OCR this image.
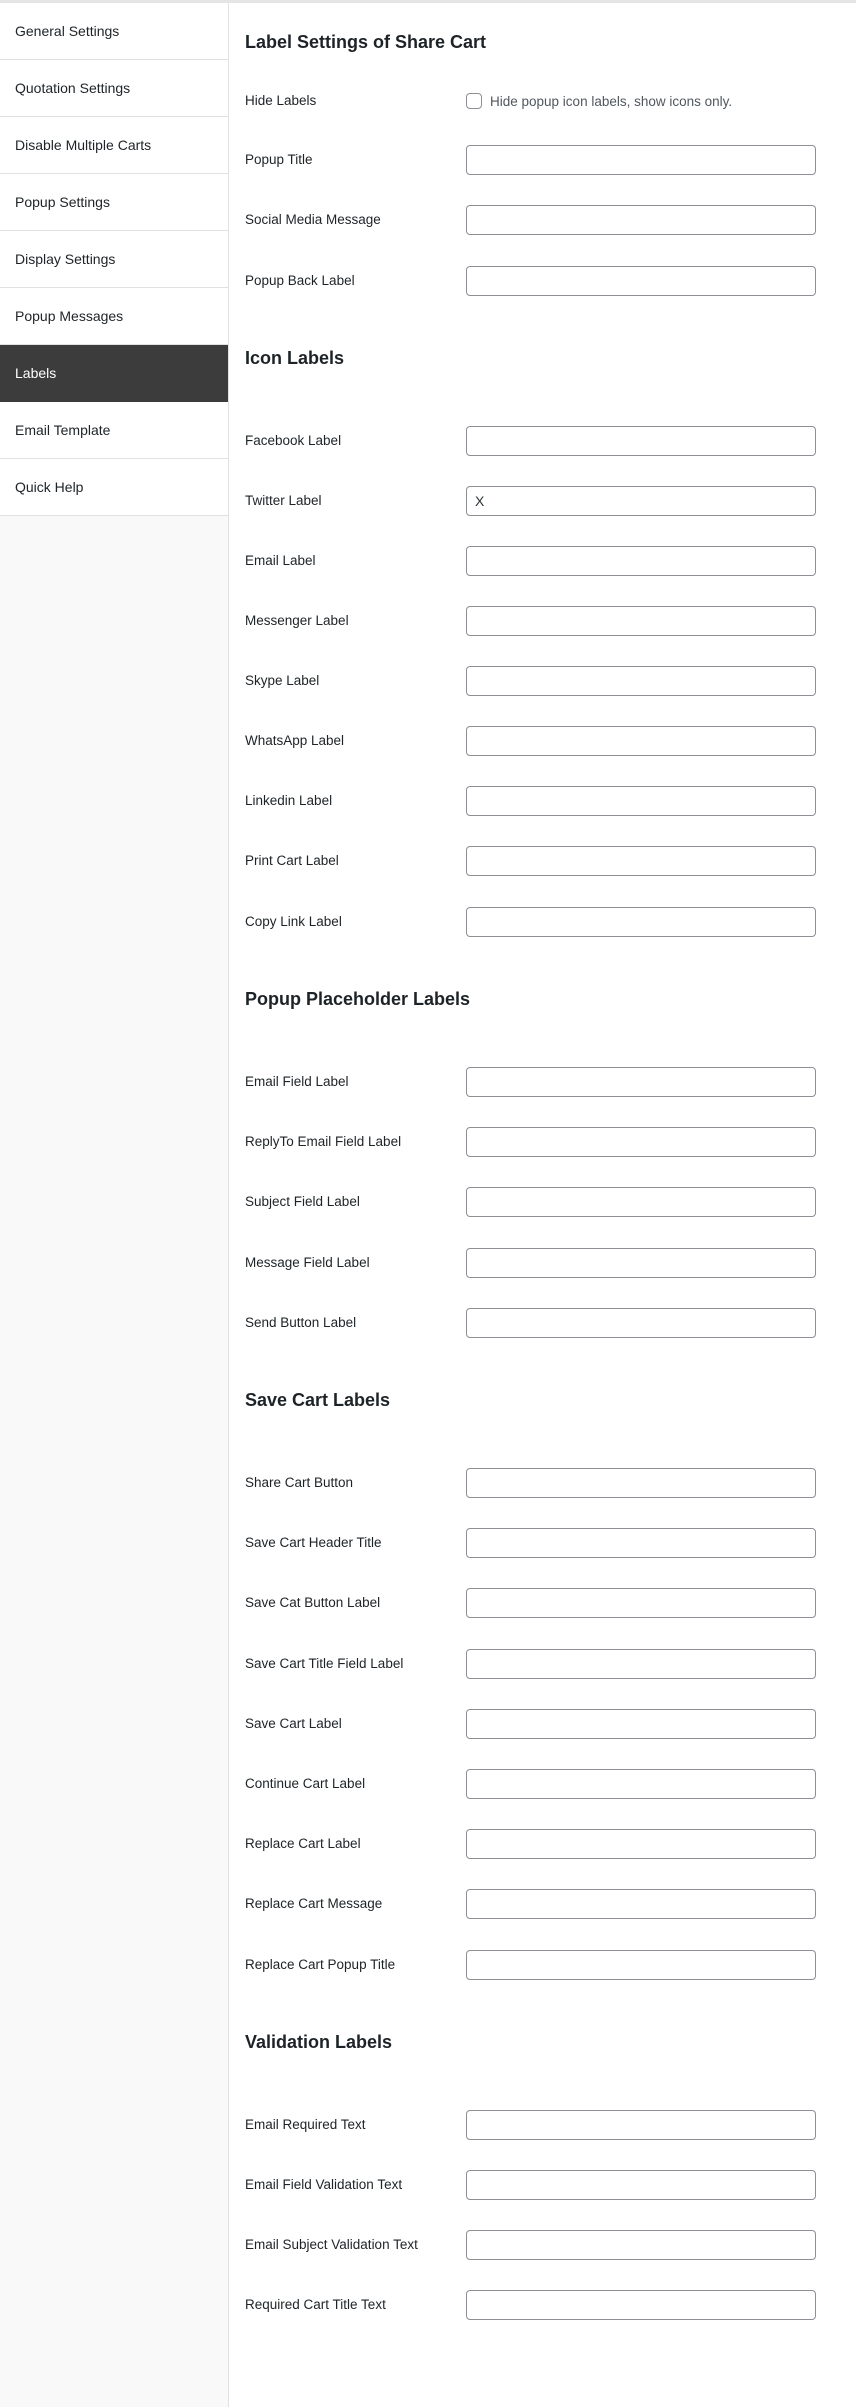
General Settings
Quotation Settings
Disable Multiple Carts
Popup Settings
Display Settings
Popup Messages
Labels
Email Template
Quick Help
Label Settings of Share Cart
Hide Labels	Hide popup icon labels, show icons only.
Popup Title
Social Media Message
Popup Back Label
Icon Labels
Facebook Label
Twitter Label
X
Email Label
Messenger Label
Skype Label
WhatsApp Label
Linkedin Label
Print Cart Label
Copy Link Label
Popup Placeholder Labels
Email Field Label
ReplyTo Email Field Label
Subject Field Label
Message Field Label
Send Button Label
Save Cart Labels
Share Cart Button
Save Cart Header Title
Save Cat Button Label
Save Cart Title Field Label
Save Cart Label
Continue Cart Label
Replace Cart Label
Replace Cart Message
Replace Cart Popup Title
Validation Labels
Email Required Text
Email Field Validation Text
Email Subject Validation Text
Required Cart Title Text
